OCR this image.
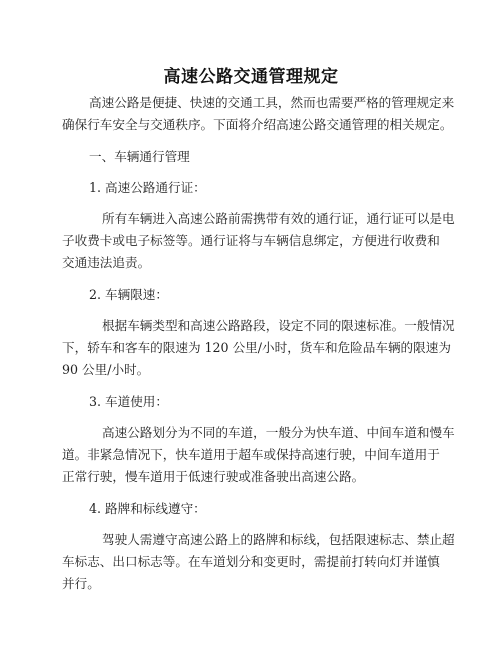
高速公路交通管理规定
高速公路是便捷、快速的交通工具，然而也需要严格的管理规定来
确保行车安全与交通秩序。下面将介绍高速公路交通管理的相关规定。
一、车辆通行管理
1. 高速公路通行证：
所有车辆进入高速公路前需携带有效的通行证，通行证可以是电
子收费卡或电子标签等。通行证将与车辆信息绑定，方便进行收费和
交通违法追责。
2. 车辆限速：
根据车辆类型和高速公路路段，设定不同的限速标准。一般情况
下，轿车和客车的限速为 120 公里/小时，货车和危险品车辆的限速为
90 公里/小时。
3. 车道使用：
高速公路划分为不同的车道，一般分为快车道、中间车道和慢车
道。非紧急情况下，快车道用于超车或保持高速行驶，中间车道用于
正常行驶，慢车道用于低速行驶或准备驶出高速公路。
4. 路牌和标线遵守：
驾驶人需遵守高速公路上的路牌和标线，包括限速标志、禁止超
车标志、出口标志等。在车道划分和变更时，需提前打转向灯并谨慎
并行。
